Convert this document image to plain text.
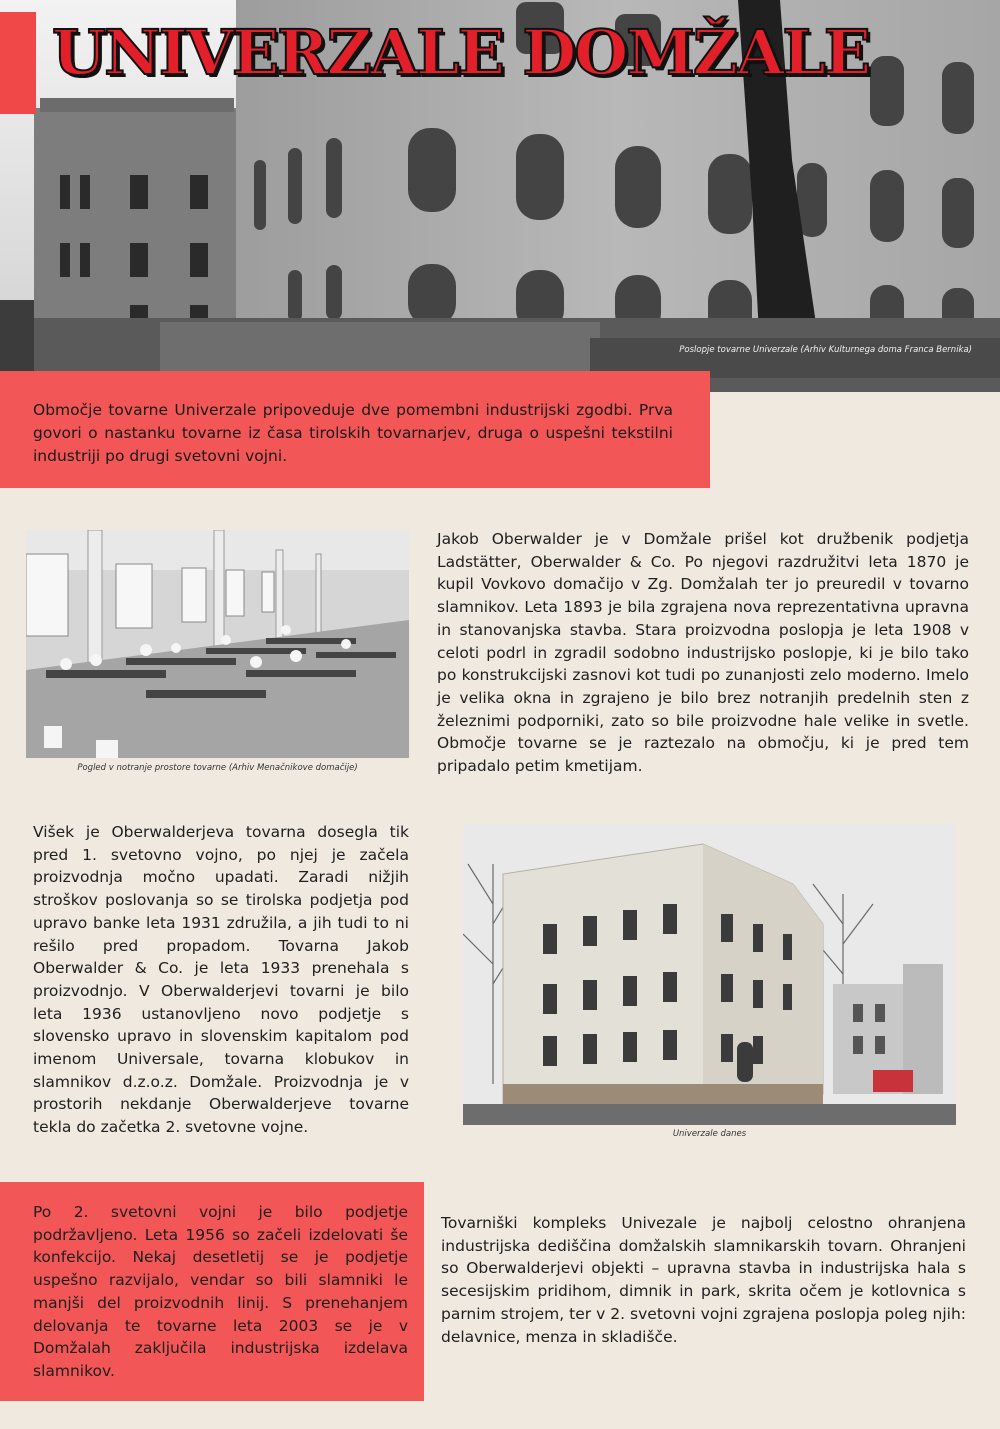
UNIVERZALE DOMŽALE
Poslopje tovarne Univerzale (Arhiv Kulturnega doma Franca Bernika)

Območje tovarne Univerzale pripoveduje dve pomembni industrijski zgodbi. Prva govori o nastanku tovarne iz časa tirolskih tovarnarjev, druga o uspešni tekstilni industriji po drugi svetovni vojni.

Pogled v notranje prostore tovarne (Arhiv Menačnikove domačije)

Jakob Oberwalder je v Domžale prišel kot družbenik podjetja Ladstätter, Oberwalder & Co. Po njegovi razdružitvi leta 1870 je kupil Vovkovo domačijo v Zg. Domžalah ter jo preuredil v tovarno slamnikov. Leta 1893 je bila zgrajena nova reprezentativna upravna in stanovanjska stavba. Stara proizvodna poslopja je leta 1908 v celoti podrl in zgradil sodobno industrijsko poslopje, ki je bilo tako po konstrukcijski zasnovi kot tudi po zunanjosti zelo moderno. Imelo je velika okna in zgrajeno je bilo brez notranjih predelnih sten z železnimi podporniki, zato so bile proizvodne hale velike in svetle. Območje tovarne se je raztezalo na območju, ki je pred tem pripadalo petim kmetijam.

Višek je Oberwalderjeva tovarna dosegla tik pred 1. svetovno vojno, po njej je začela proizvodnja močno upadati. Zaradi nižjih stroškov poslovanja so se tirolska podjetja pod upravo banke leta 1931 združila, a jih tudi to ni rešilo pred propadom. Tovarna Jakob Oberwalder & Co. je leta 1933 prenehala s proizvodnjo. V Oberwalderjevi tovarni je bilo leta 1936 ustanovljeno novo podjetje s slovensko upravo in slovenskim kapitalom pod imenom Universale, tovarna klobukov in slamnikov d.z.o.z. Domžale. Proizvodnja je v prostorih nekdanje Oberwalderjeve tovarne tekla do začetka 2. svetovne vojne.	Univerzale danes

Po 2. svetovni vojni je bilo podjetje podržavljeno. Leta 1956 so začeli izdelovati še konfekcijo. Nekaj desetletij se je podjetje uspešno razvijalo, vendar so bili slamniki le manjši del proizvodnih linij. S prenehanjem delovanja te tovarne leta 2003 se je v Domžalah zaključila industrijska izdelava slamnikov.

Tovarniški kompleks Univezale je najbolj celostno ohranjena industrijska dediščina domžalskih slamnikarskih tovarn. Ohranjeni so Oberwalderjevi objekti – upravna stavba in industrijska hala s secesijskim pridihom, dimnik in park, skrita očem je kotlovnica s parnim strojem, ter v 2. svetovni vojni zgrajena poslopja poleg njih: delavnice, menza in skladišče.
